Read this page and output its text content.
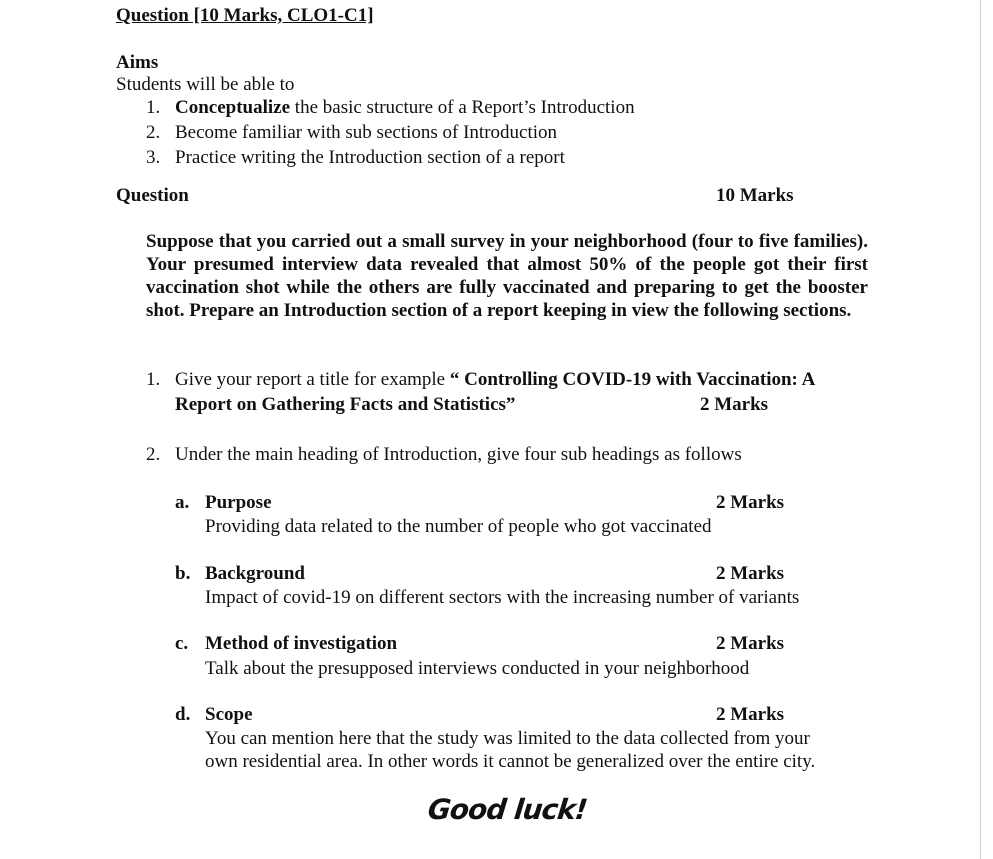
Question [10 Marks, CLO1-C1]
Aims
Students will be able to
1. Conceptualize the basic structure of a Report’s Introduction
2. Become familiar with sub sections of Introduction
3. Practice writing the Introduction section of a report
Question	10 Marks
Suppose that you carried out a small survey in your neighborhood (four to five families). Your presumed interview data revealed that almost 50% of the people got their first vaccination shot while the others are fully vaccinated and preparing to get the booster shot. Prepare an Introduction section of a report keeping in view the following sections.
1. Give your report a title for example “ Controlling COVID-19 with Vaccination: A
Report on Gathering Facts and Statistics”	2 Marks
2. Under the main heading of Introduction, give four sub headings as follows
a. Purpose	2 Marks
Providing data related to the number of people who got vaccinated
b. Background	2 Marks
Impact of covid-19 on different sectors with the increasing number of variants
c. Method of investigation	2 Marks
Talk about the presupposed interviews conducted in your neighborhood
d. Scope	2 Marks
You can mention here that the study was limited to the data collected from your
own residential area. In other words it cannot be generalized over the entire city.
Good luck!
